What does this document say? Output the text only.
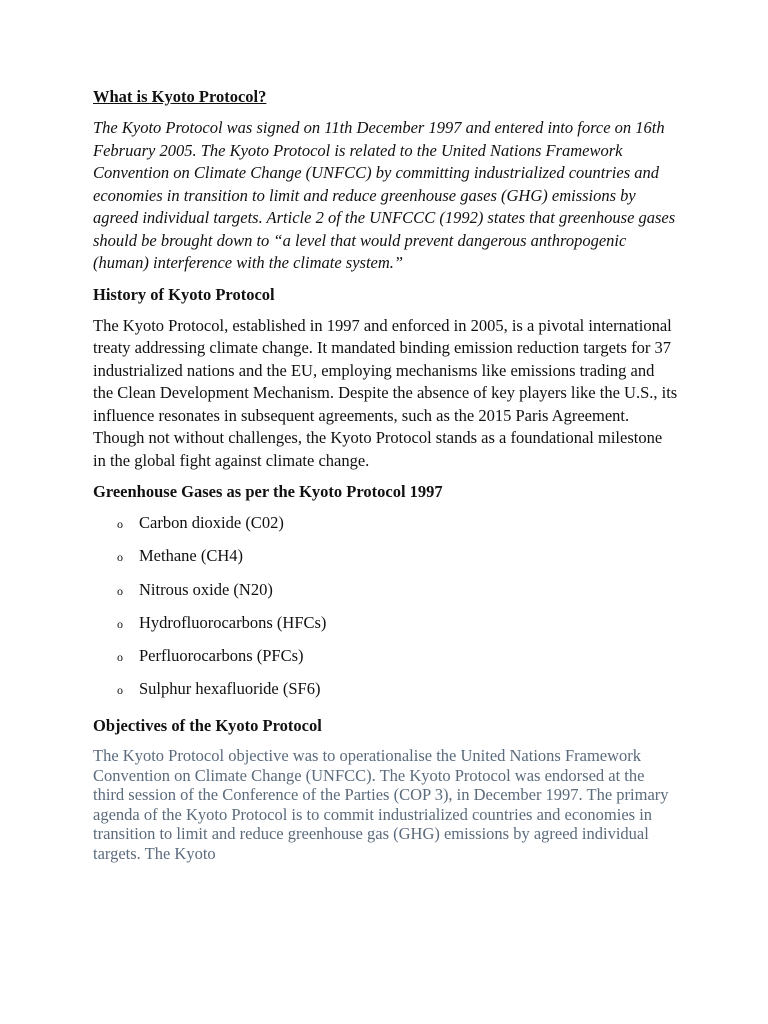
What is Kyoto Protocol?

The Kyoto Protocol was signed on 11th December 1997 and entered into force on 16th February 2005. The Kyoto Protocol is related to the United Nations Framework Convention on Climate Change (UNFCC) by committing industrialized countries and economies in transition to limit and reduce greenhouse gases (GHG) emissions by agreed individual targets. Article 2 of the UNFCCC (1992) states that greenhouse gases should be brought down to “a level that would prevent dangerous anthropogenic (human) interference with the climate system.”

History of Kyoto Protocol

The Kyoto Protocol, established in 1997 and enforced in 2005, is a pivotal international treaty addressing climate change. It mandated binding emission reduction targets for 37 industrialized nations and the EU, employing mechanisms like emissions trading and the Clean Development Mechanism. Despite the absence of key players like the U.S., its influence resonates in subsequent agreements, such as the 2015 Paris Agreement. Though not without challenges, the Kyoto Protocol stands as a foundational milestone in the global fight against climate change.

Greenhouse Gases as per the Kyoto Protocol 1997
o Carbon dioxide (C02)
o Methane (CH4)
o Nitrous oxide (N20)
o Hydrofluorocarbons (HFCs)
o Perfluorocarbons (PFCs)
o Sulphur hexafluoride (SF6)
Objectives of the Kyoto Protocol

The Kyoto Protocol objective was to operationalise the United Nations Framework Convention on Climate Change (UNFCC). The Kyoto Protocol was endorsed at the third session of the Conference of the Parties (COP 3), in December 1997. The primary agenda of the Kyoto Protocol is to commit industrialized countries and economies in transition to limit and reduce greenhouse gas (GHG) emissions by agreed individual targets. The Kyoto
